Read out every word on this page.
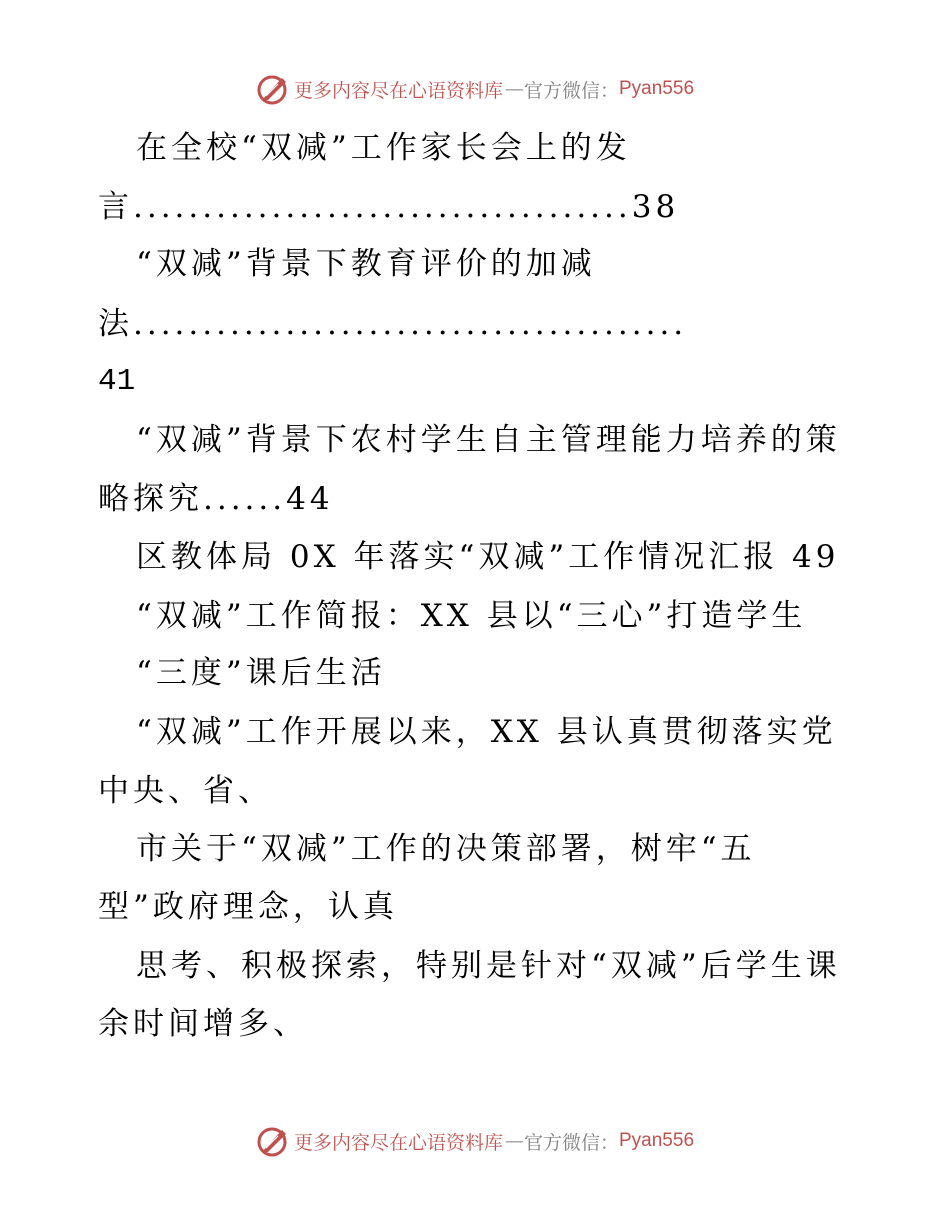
更多内容尽在心语资料库 — 官方微信： Pyan556
在全校“双减”工作家长会上的发
言....................................38
“双减”背景下教育评价的加减
法........................................
41
“双减”背景下农村学生自主管理能力培养的策
略探究......44
区教体局 0X 年落实“双减”工作情况汇报 49
“双减”工作简报：XX 县以“三心”打造学生
“三度”课后生活
“双减”工作开展以来，XX 县认真贯彻落实党
中央、省、
市关于“双减”工作的决策部署，树牢“五
型”政府理念，认真
思考、积极探索，特别是针对“双减”后学生课
余时间增多、
更多内容尽在心语资料库 — 官方微信： Pyan556
